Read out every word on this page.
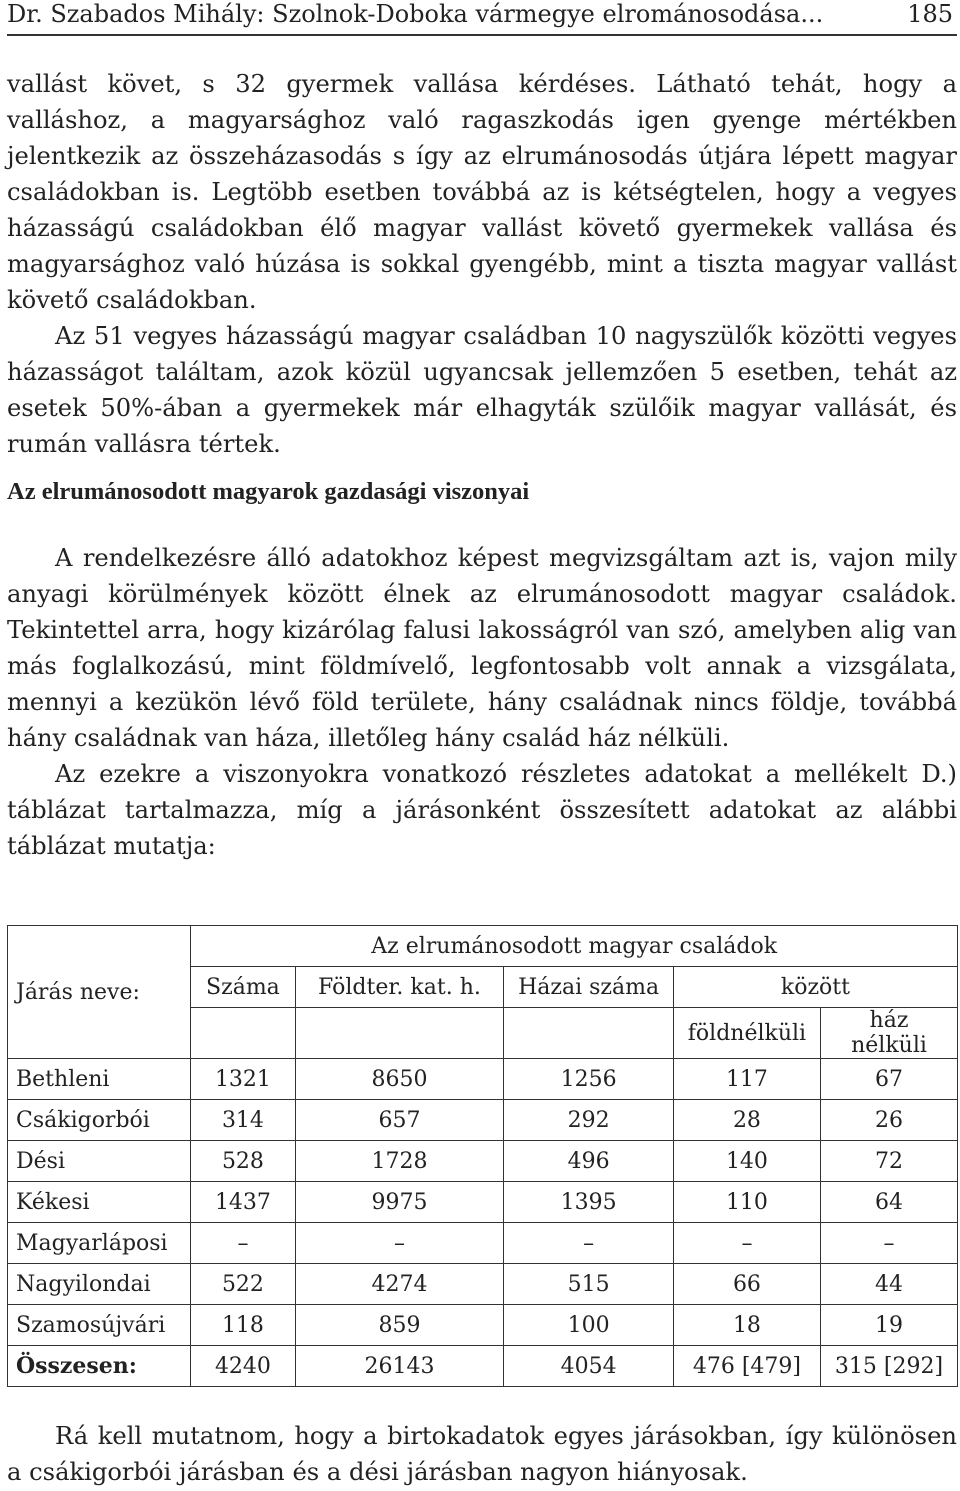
Dr. Szabados Mihály: Szolnok-Doboka vármegye elrománosodása...	185

vallást követ, s 32 gyermek vallása kérdéses. Látható tehát, hogy a valláshoz, a magyarsághoz való ragaszkodás igen gyenge mértékben jelentkezik az összeházasodás s így az elrumánosodás útjára lépett magyar családokban is. Legtöbb esetben továbbá az is kétségtelen, hogy a vegyes házasságú családokban élő magyar vallást követő gyermekek vallása és magyarsághoz való húzása is sokkal gyengébb, mint a tiszta magyar vallást követő családokban.

Az 51 vegyes házasságú magyar családban 10 nagyszülők közötti vegyes házasságot találtam, azok közül ugyancsak jellemzően 5 esetben, tehát az esetek 50%-ában a gyermekek már elhagyták szülőik magyar vallását, és rumán vallásra tértek.

Az elrumánosodott magyarok gazdasági viszonyai

A rendelkezésre álló adatokhoz képest megvizsgáltam azt is, vajon mily anyagi körülmények között élnek az elrumánosodott magyar családok. Tekintettel arra, hogy kizárólag falusi lakosságról van szó, amelyben alig van más foglalkozású, mint földmívelő, legfontosabb volt annak a vizsgálata, mennyi a kezükön lévő föld területe, hány családnak nincs földje, továbbá hány családnak van háza, illetőleg hány család ház nélküli.

Az ezekre a viszonyokra vonatkozó részletes adatokat a mellékelt D.) táblázat tartalmazza, míg a járásonként összesített adatokat az alábbi táblázat mutatja:

Járás neve:	Az elrumánosodott magyar családok				
	Száma	Földter. kat. h.	Házai száma	között	
				földnélküli	ház nélküli
Bethleni	1321	8650	1256	117	67
Csákigorbói	314	657	292	28	26
Dési	528	1728	496	140	72
Kékesi	1437	9975	1395	110	64
Magyarláposi	–	–	–	–	–
Nagyilondai	522	4274	515	66	44
Szamosújvári	118	859	100	18	19
Összesen:	4240	26143	4054	476 [479]	315 [292]

Rá kell mutatnom, hogy a birtokadatok egyes járásokban, így különösen a csákigorbói járásban és a dési járásban nagyon hiányosak.
